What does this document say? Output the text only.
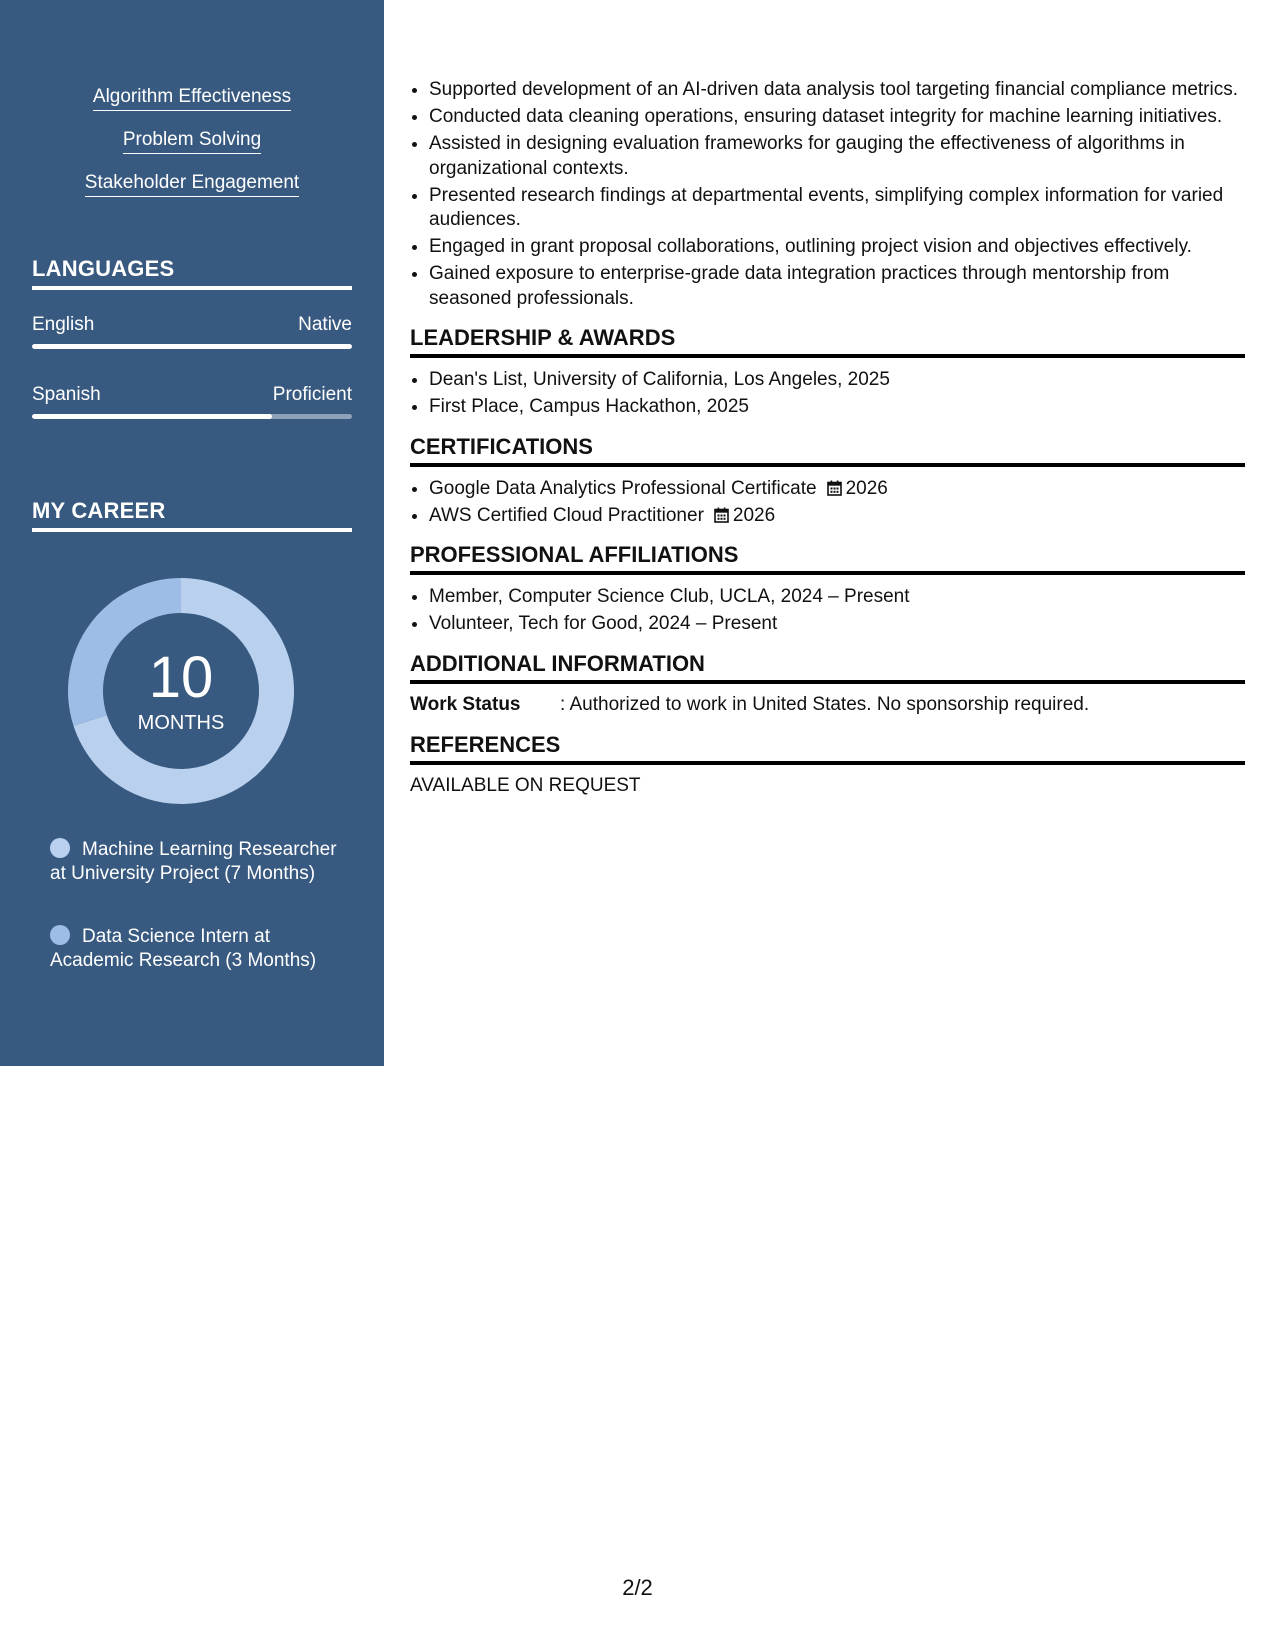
Algorithm Effectiveness
Problem Solving
Stakeholder Engagement
LANGUAGES
English	Native
Spanish	Proficient
MY CAREER
10
MONTHS
Machine Learning Researcher at University Project (7 Months)
Data Science Intern at Academic Research (3 Months)
• Supported development of an AI-driven data analysis tool targeting financial compliance metrics.
• Conducted data cleaning operations, ensuring dataset integrity for machine learning initiatives.
• Assisted in designing evaluation frameworks for gauging the effectiveness of algorithms in organizational contexts.
• Presented research findings at departmental events, simplifying complex information for varied audiences.
• Engaged in grant proposal collaborations, outlining project vision and objectives effectively.
• Gained exposure to enterprise-grade data integration practices through mentorship from seasoned professionals.
LEADERSHIP & AWARDS
• Dean's List, University of California, Los Angeles, 2025
• First Place, Campus Hackathon, 2025
CERTIFICATIONS
• Google Data Analytics Professional Certificate 2026
• AWS Certified Cloud Practitioner 2026
PROFESSIONAL AFFILIATIONS
• Member, Computer Science Club, UCLA, 2024 – Present
• Volunteer, Tech for Good, 2024 – Present
ADDITIONAL INFORMATION
Work Status : Authorized to work in United States. No sponsorship required.
REFERENCES
AVAILABLE ON REQUEST
2/2
